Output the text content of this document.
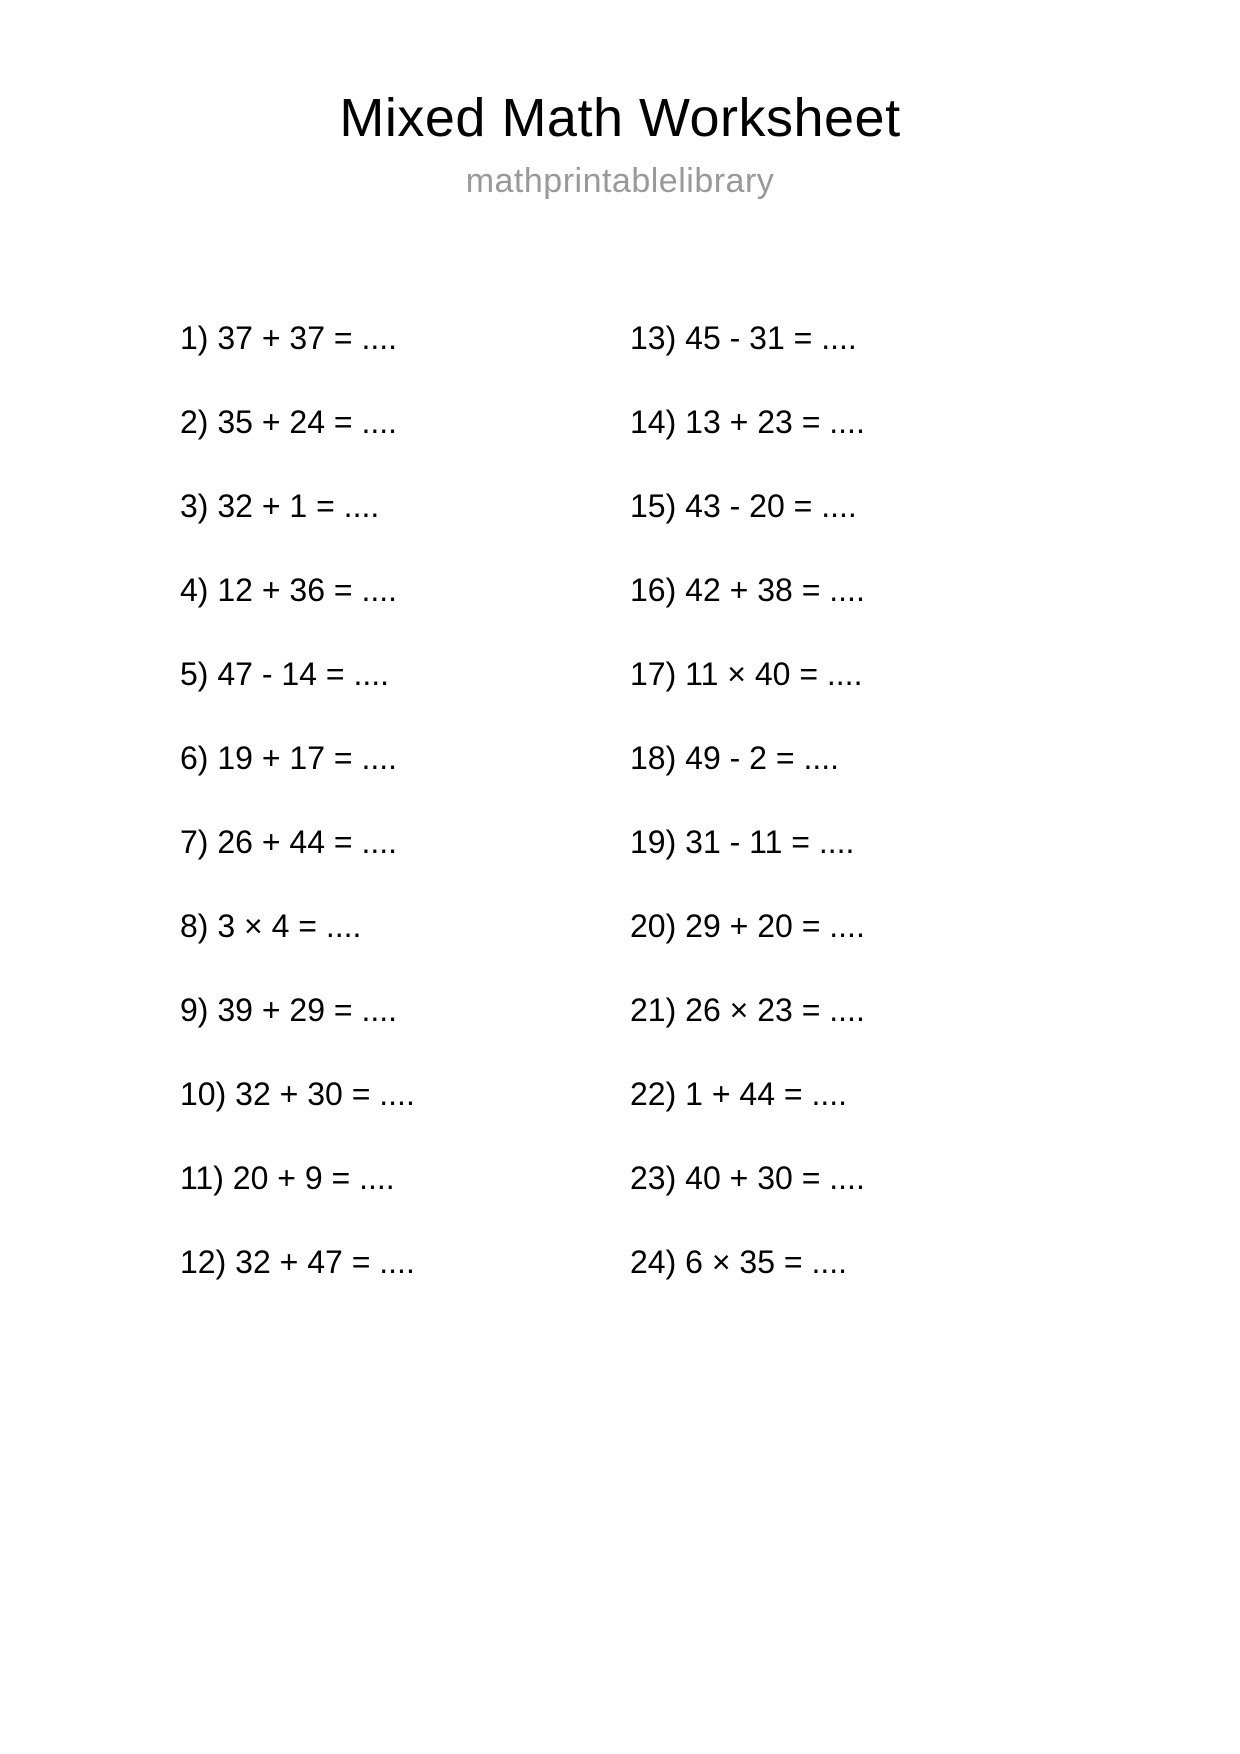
Mixed Math Worksheet
mathprintablelibrary
1) 37 + 37 = ....
2) 35 + 24 = ....
3) 32 + 1 = ....
4) 12 + 36 = ....
5) 47 - 14 = ....
6) 19 + 17 = ....
7) 26 + 44 = ....
8) 3 × 4 = ....
9) 39 + 29 = ....
10) 32 + 30 = ....
11) 20 + 9 = ....
12) 32 + 47 = ....
13) 45 - 31 = ....
14) 13 + 23 = ....
15) 43 - 20 = ....
16) 42 + 38 = ....
17) 11 × 40 = ....
18) 49 - 2 = ....
19) 31 - 11 = ....
20) 29 + 20 = ....
21) 26 × 23 = ....
22) 1 + 44 = ....
23) 40 + 30 = ....
24) 6 × 35 = ....
